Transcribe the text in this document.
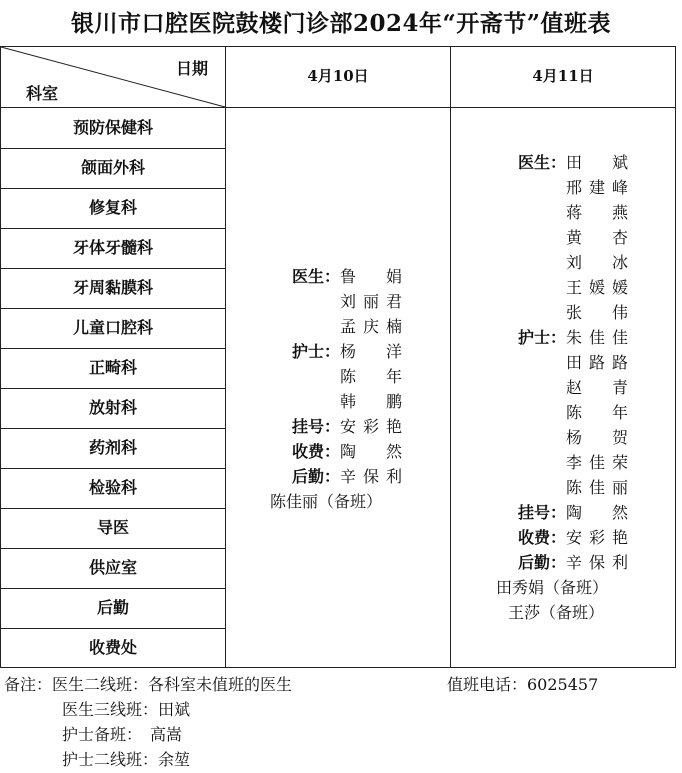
银川市口腔医院鼓楼门诊部2024年“开斋节”值班表
日期
科室
4月10日	4月11日
预防保健科
颌面外科
修复科
牙体牙髓科
牙周黏膜科
儿童口腔科
正畸科
放射科
药剂科
检验科
导医
供应室
后勤
收费处
医生： 鲁　娟
刘丽君
孟庆楠
护士： 杨　洋
陈　年
韩　鹏
挂号： 安彩艳
收费： 陶　然
后勤： 辛保利
陈佳丽（备班）
医生： 田　斌
邢建峰
蒋　燕
黄　杏
刘　冰
王媛媛
张　伟
护士： 朱佳佳
田路路
赵　青
陈　年
杨　贺
李佳荣
陈佳丽
挂号： 陶　然
收费： 安彩艳
后勤： 辛保利
田秀娟（备班）
王莎（备班）
备注：医生二线班：各科室未值班的医生	值班电话：6025457
医生三线班：田斌
护士备班：　高嵩
护士二线班：余堃
